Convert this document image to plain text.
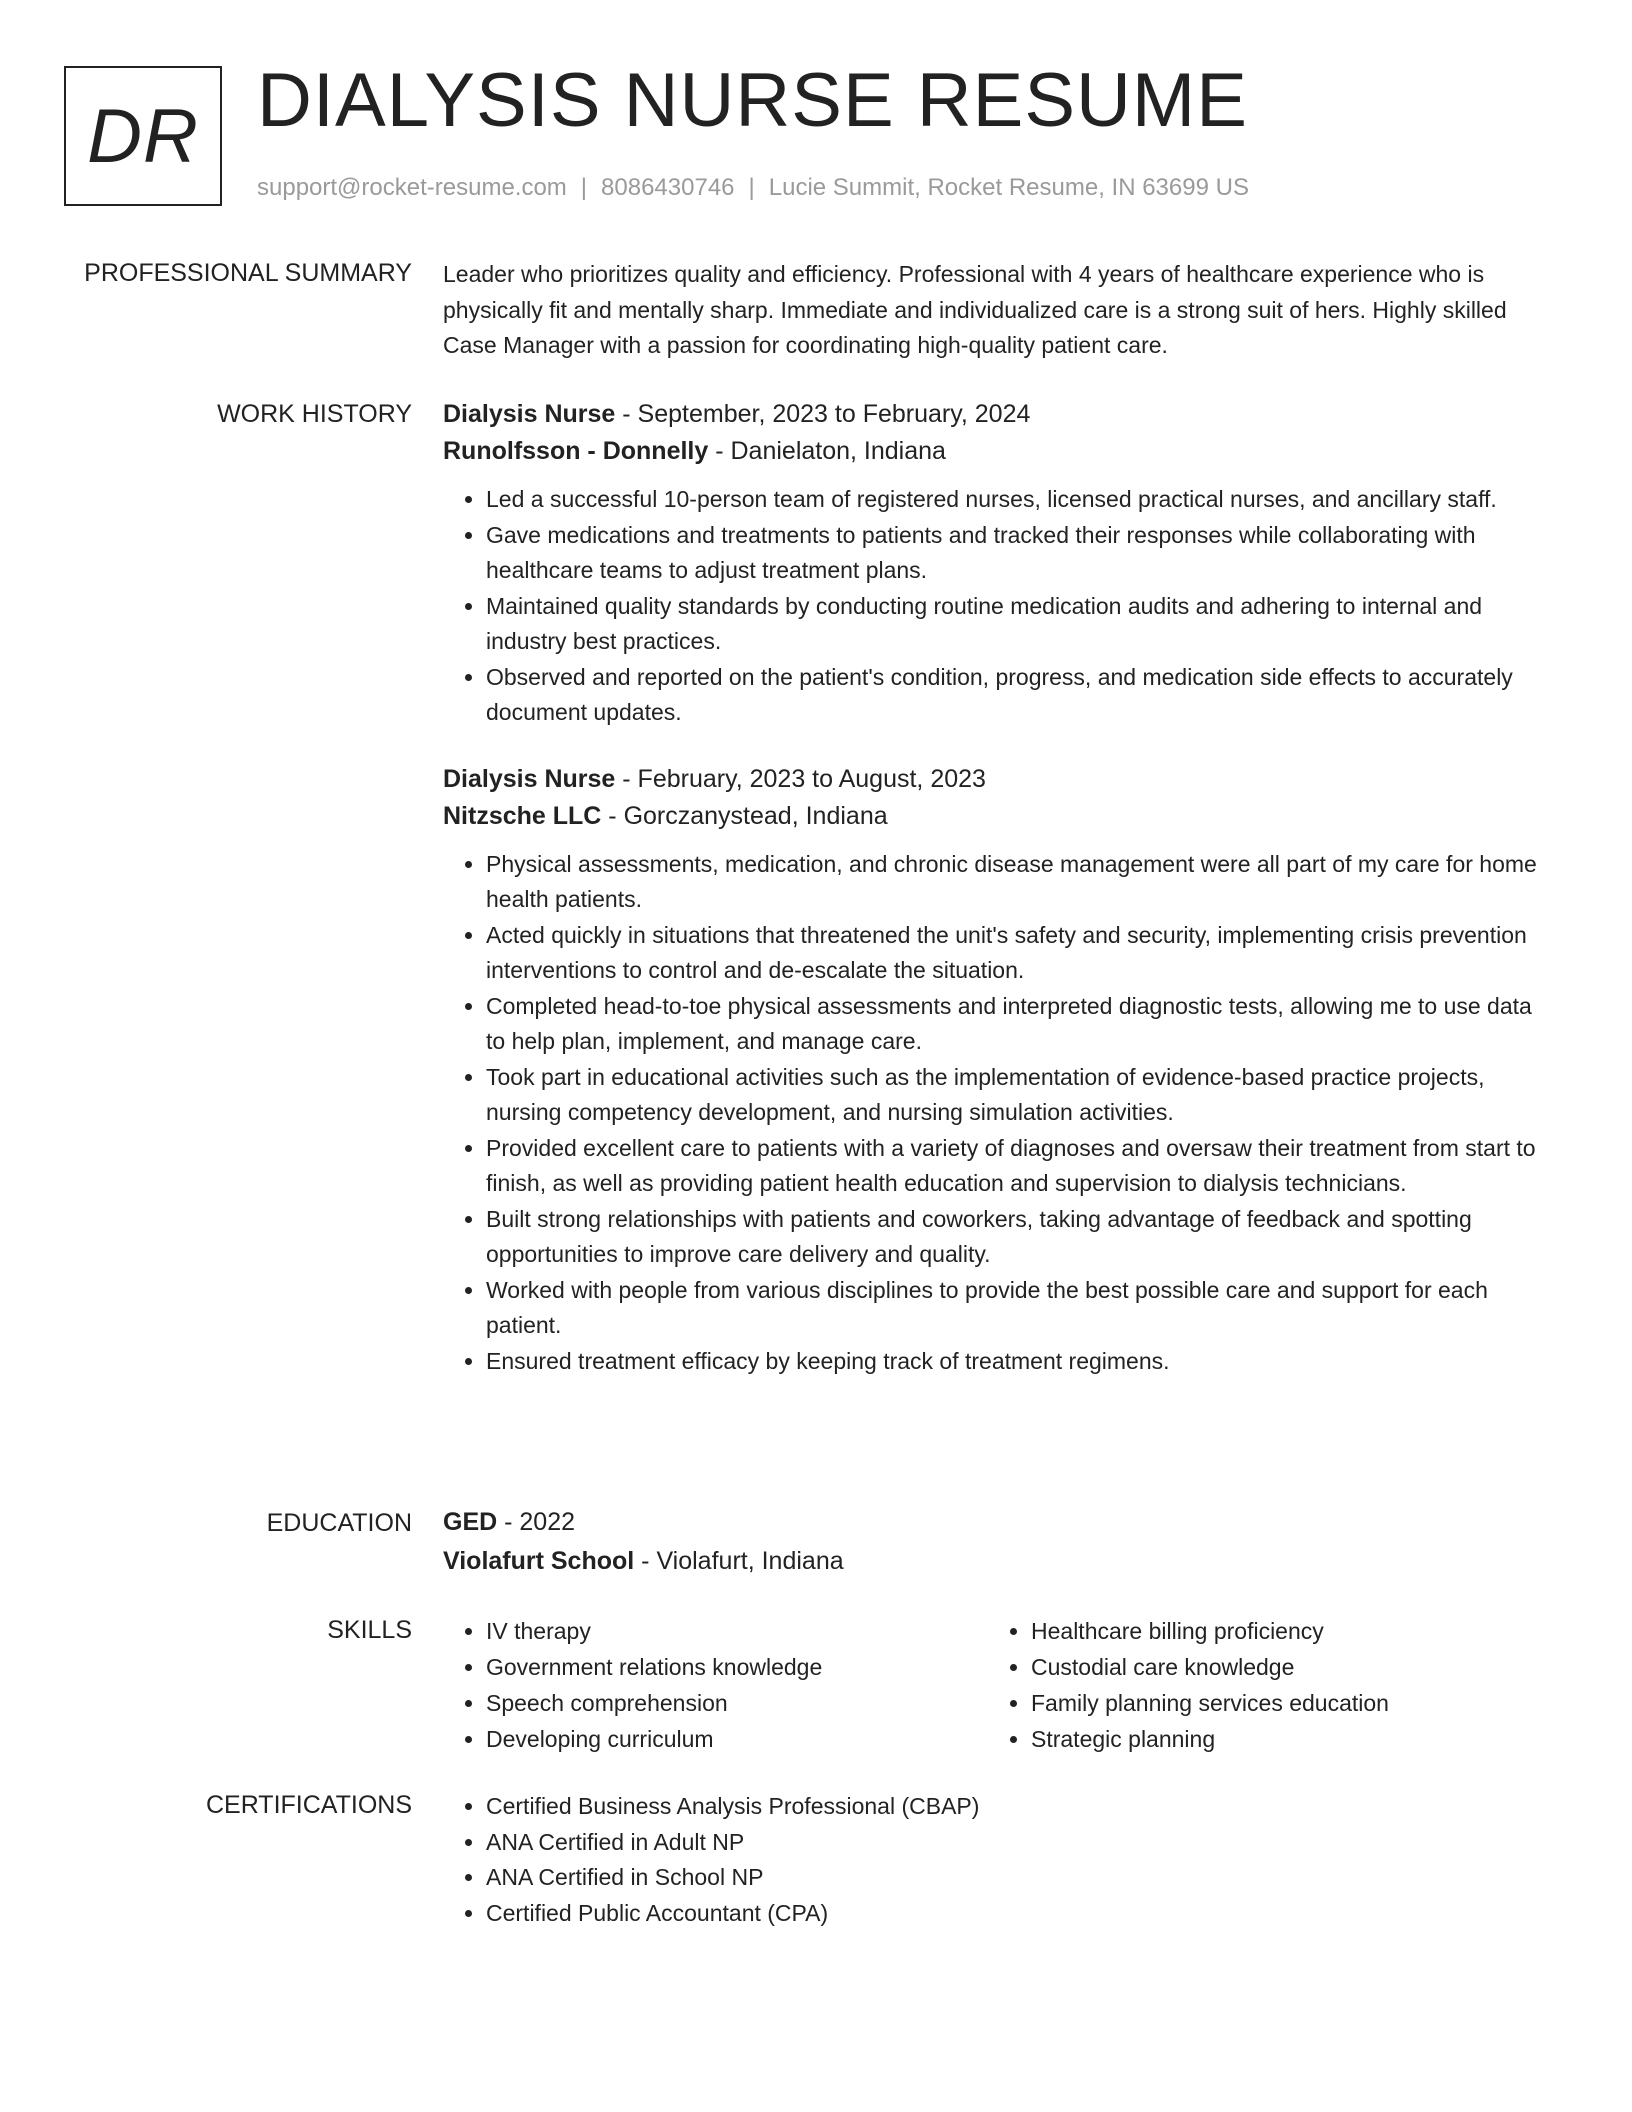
DR DIALYSIS NURSE RESUME
support@rocket-resume.com | 8086430746 | Lucie Summit, Rocket Resume, IN 63699 US
PROFESSIONAL SUMMARY Leader who prioritizes quality and efficiency. Professional with 4 years of healthcare experience who is physically fit and mentally sharp. Immediate and individualized care is a strong suit of hers. Highly skilled Case Manager with a passion for coordinating high-quality patient care.

WORK HISTORY Dialysis Nurse - September, 2023 to February, 2024
Runolfsson - Donnelly - Danielaton, Indiana
• Led a successful 10-person team of registered nurses, licensed practical nurses, and ancillary staff.
• Gave medications and treatments to patients and tracked their responses while collaborating with healthcare teams to adjust treatment plans.
• Maintained quality standards by conducting routine medication audits and adhering to internal and industry best practices.
• Observed and reported on the patient's condition, progress, and medication side effects to accurately document updates.
Dialysis Nurse - February, 2023 to August, 2023
Nitzsche LLC - Gorczanystead, Indiana
• Physical assessments, medication, and chronic disease management were all part of my care for home health patients.
• Acted quickly in situations that threatened the unit's safety and security, implementing crisis prevention interventions to control and de-escalate the situation.
• Completed head-to-toe physical assessments and interpreted diagnostic tests, allowing me to use data to help plan, implement, and manage care.
• Took part in educational activities such as the implementation of evidence-based practice projects, nursing competency development, and nursing simulation activities.
• Provided excellent care to patients with a variety of diagnoses and oversaw their treatment from start to finish, as well as providing patient health education and supervision to dialysis technicians.
• Built strong relationships with patients and coworkers, taking advantage of feedback and spotting opportunities to improve care delivery and quality.
• Worked with people from various disciplines to provide the best possible care and support for each patient.
• Ensured treatment efficacy by keeping track of treatment regimens.
EDUCATION GED - 2022
Violafurt School - Violafurt, Indiana
SKILLS	• IV therapy
• Government relations knowledge
• Speech comprehension
• Developing curriculum
• Healthcare billing proficiency
• Custodial care knowledge
• Family planning services education
• Strategic planning
CERTIFICATIONS	• Certified Business Analysis Professional (CBAP)
• ANA Certified in Adult NP
• ANA Certified in School NP
• Certified Public Accountant (CPA)
